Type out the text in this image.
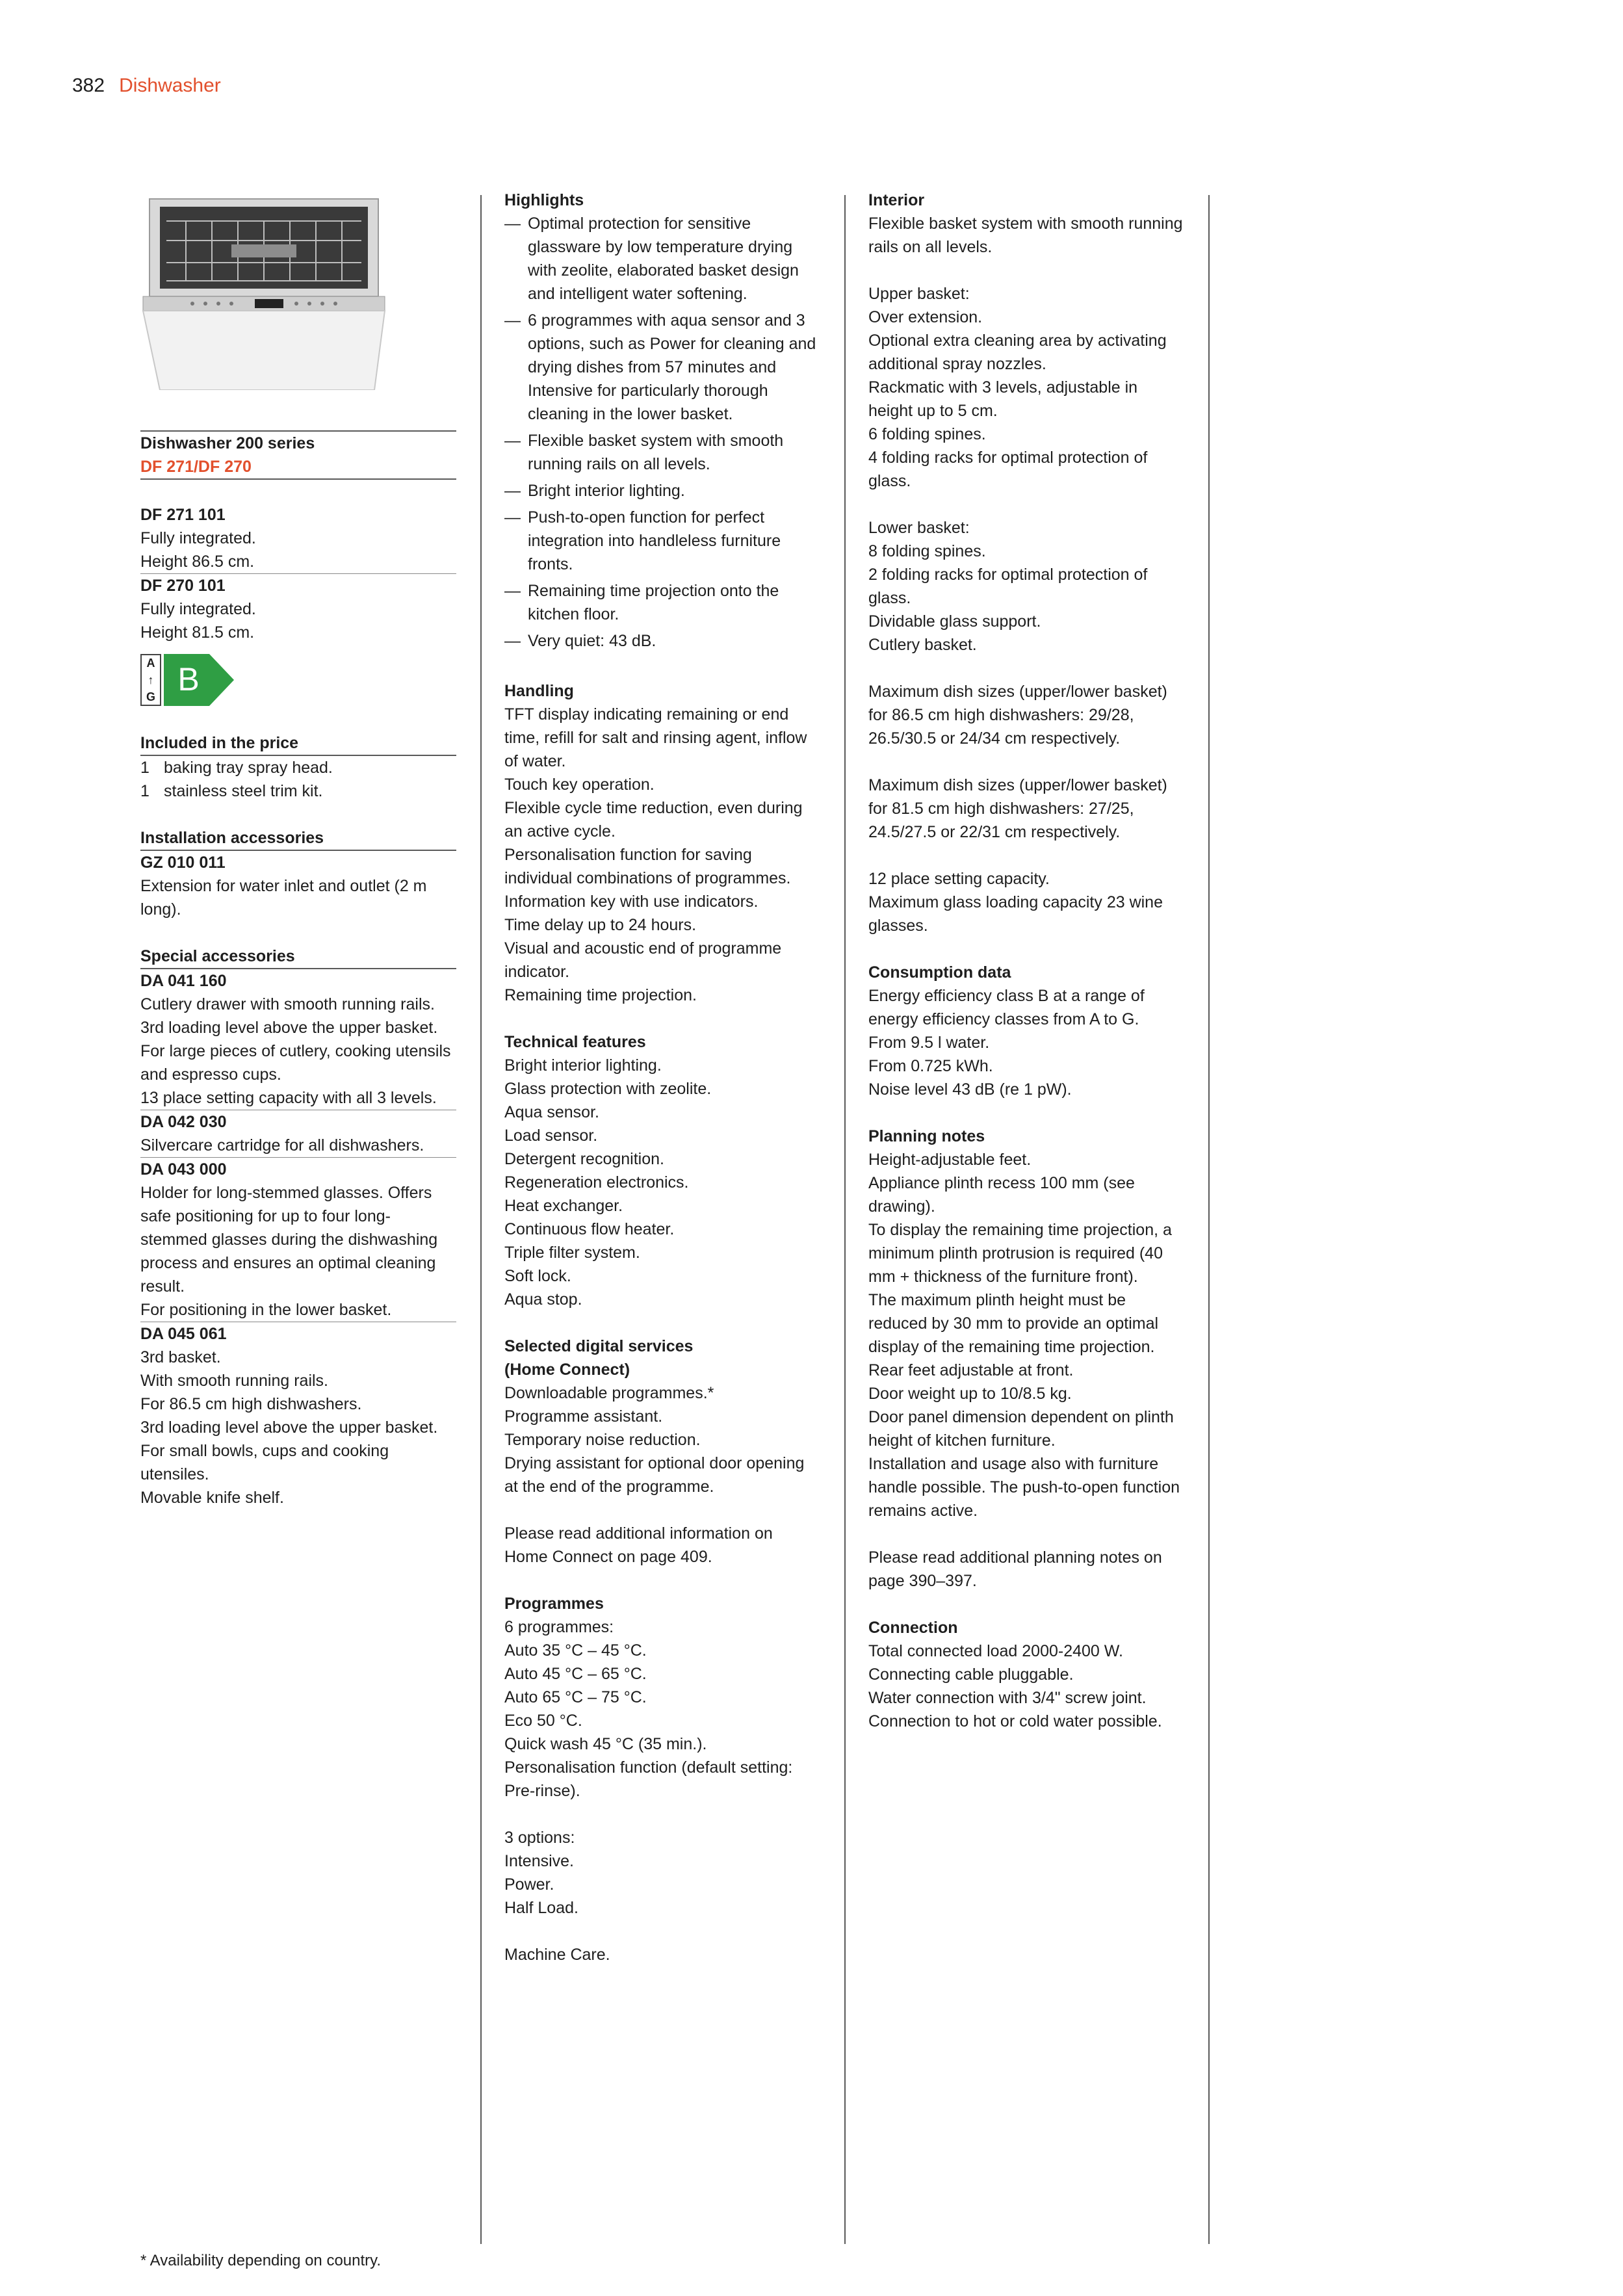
382 Dishwasher
Dishwasher 200 series
DF 271/DF 270
DF 271 101
Fully integrated.
Height 86.5 cm.
DF 270 101
Fully integrated.
Height 81.5 cm.
A
↑
G B
Included in the price
1 baking tray spray head.
1 stainless steel trim kit.
Installation accessories
GZ 010 011
Extension for water inlet and outlet (2 m long).
Special accessories
DA 041 160
Cutlery drawer with smooth running rails.
3rd loading level above the upper basket.
For large pieces of cutlery, cooking utensils and espresso cups.
13 place setting capacity with all 3 levels.
DA 042 030
Silvercare cartridge for all dishwashers.
DA 043 000
Holder for long-stemmed glasses. Offers safe positioning for up to four long-stemmed glasses during the dishwashing process and ensures an optimal cleaning result.
For positioning in the lower basket.
DA 045 061
3rd basket.
With smooth running rails.
For 86.5 cm high dishwashers.
3rd loading level above the upper basket.
For small bowls, cups and cooking utensiles.
Movable knife shelf.
Highlights
— Optimal protection for sensitive glassware by low temperature drying with zeolite, elaborated basket design and intelligent water softening.
— 6 programmes with aqua sensor and 3 options, such as Power for cleaning and drying dishes from 57 minutes and Intensive for particularly thorough cleaning in the lower basket.
— Flexible basket system with smooth running rails on all levels.
— Bright interior lighting.
— Push-to-open function for perfect integration into handleless furniture fronts.
— Remaining time projection onto the kitchen floor.
— Very quiet: 43 dB.
Handling
TFT display indicating remaining or end time, refill for salt and rinsing agent, inflow of water.
Touch key operation.
Flexible cycle time reduction, even during an active cycle.
Personalisation function for saving individual combinations of programmes.
Information key with use indicators.
Time delay up to 24 hours.
Visual and acoustic end of programme indicator.
Remaining time projection.
Technical features
Bright interior lighting.
Glass protection with zeolite.
Aqua sensor.
Load sensor.
Detergent recognition.
Regeneration electronics.
Heat exchanger.
Continuous flow heater.
Triple filter system.
Soft lock.
Aqua stop.
Selected digital services
(Home Connect)
Downloadable programmes.*
Programme assistant.
Temporary noise reduction.
Drying assistant for optional door opening at the end of the programme.
Please read additional information on Home Connect on page 409.
Programmes
6 programmes:
Auto 35 °C – 45 °C.
Auto 45 °C – 65 °C.
Auto 65 °C – 75 °C.
Eco 50 °C.
Quick wash 45 °C (35 min.).
Personalisation function (default setting: Pre-rinse).
3 options:
Intensive.
Power.
Half Load.
Machine Care.
Interior
Flexible basket system with smooth running rails on all levels.
Upper basket:
Over extension.
Optional extra cleaning area by activating additional spray nozzles.
Rackmatic with 3 levels, adjustable in height up to 5 cm.
6 folding spines.
4 folding racks for optimal protection of glass.
Lower basket:
8 folding spines.
2 folding racks for optimal protection of glass.
Dividable glass support.
Cutlery basket.
Maximum dish sizes (upper/lower basket) for 86.5 cm high dishwashers: 29/28, 26.5/30.5 or 24/34 cm respectively.
Maximum dish sizes (upper/lower basket) for 81.5 cm high dishwashers: 27/25, 24.5/27.5 or 22/31 cm respectively.
12 place setting capacity.
Maximum glass loading capacity 23 wine glasses.
Consumption data
Energy efficiency class B at a range of energy efficiency classes from A to G.
From 9.5 l water.
From 0.725 kWh.
Noise level 43 dB (re 1 pW).
Planning notes
Height-adjustable feet.
Appliance plinth recess 100 mm (see drawing).
To display the remaining time projection, a minimum plinth protrusion is required (40 mm + thickness of the furniture front).
The maximum plinth height must be reduced by 30 mm to provide an optimal display of the remaining time projection.
Rear feet adjustable at front.
Door weight up to 10/8.5 kg.
Door panel dimension dependent on plinth height of kitchen furniture.
Installation and usage also with furniture handle possible. The push-to-open function remains active.
Please read additional planning notes on page 390–397.
Connection
Total connected load 2000-2400 W.
Connecting cable pluggable.
Water connection with 3/4" screw joint.
Connection to hot or cold water possible.
* Availability depending on country.
